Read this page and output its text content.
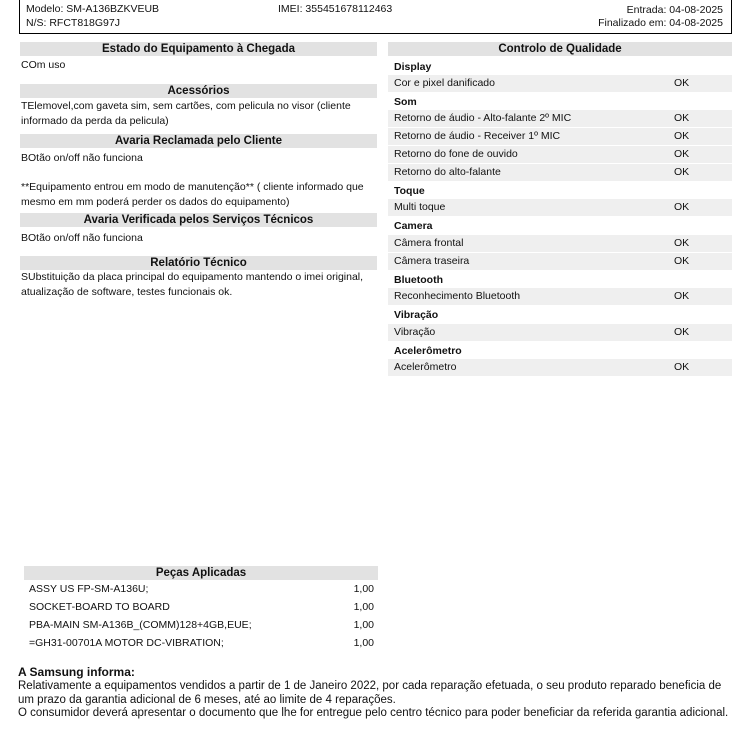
Modelo: SM-A136BZKVEUB
N/S: RFCT818G97J
IMEI: 355451678112463	Entrada: 04-08-2025
Finalizado em: 04-08-2025
Estado do Equipamento à Chegada
COm uso
Acessórios
TElemovel,com gaveta sim, sem cartões, com pelicula no visor (cliente informado da perda da pelicula)
Avaria Reclamada pelo Cliente
BOtão on/off não funciona
**Equipamento entrou em modo de manutenção** ( cliente informado que mesmo em mm poderá perder os dados do equipamento)
Avaria Verificada pelos Serviços Técnicos
BOtão on/off não funciona
Relatório Técnico
SUbstituição da placa principal do equipamento mantendo o imei original, atualização de software, testes funcionais ok.
Controlo de Qualidade
Display
Cor e pixel danificado	OK
Som
Retorno de áudio - Alto-falante 2º MIC	OK
Retorno de áudio - Receiver 1º MIC	OK
Retorno do fone de ouvido	OK
Retorno do alto-falante	OK
Toque
Multi toque	OK
Camera
Câmera frontal	OK
Câmera traseira	OK
Bluetooth
Reconhecimento Bluetooth	OK
Vibração
Vibração	OK
Acelerômetro
Acelerômetro	OK
Peças Aplicadas
ASSY US FP-SM-A136U;	1,00
SOCKET-BOARD TO BOARD	1,00
PBA-MAIN SM-A136B_(COMM)128+4GB,EUE;	1,00
=GH31-00701A MOTOR DC-VIBRATION;	1,00
A Samsung informa:
Relativamente a equipamentos vendidos a partir de 1 de Janeiro 2022, por cada reparação efetuada, o seu produto reparado beneficia de um prazo da garantia adicional de 6 meses, até ao limite de 4 reparações.
O consumidor deverá apresentar o documento que lhe for entregue pelo centro técnico para poder beneficiar da referida garantia adicional.
